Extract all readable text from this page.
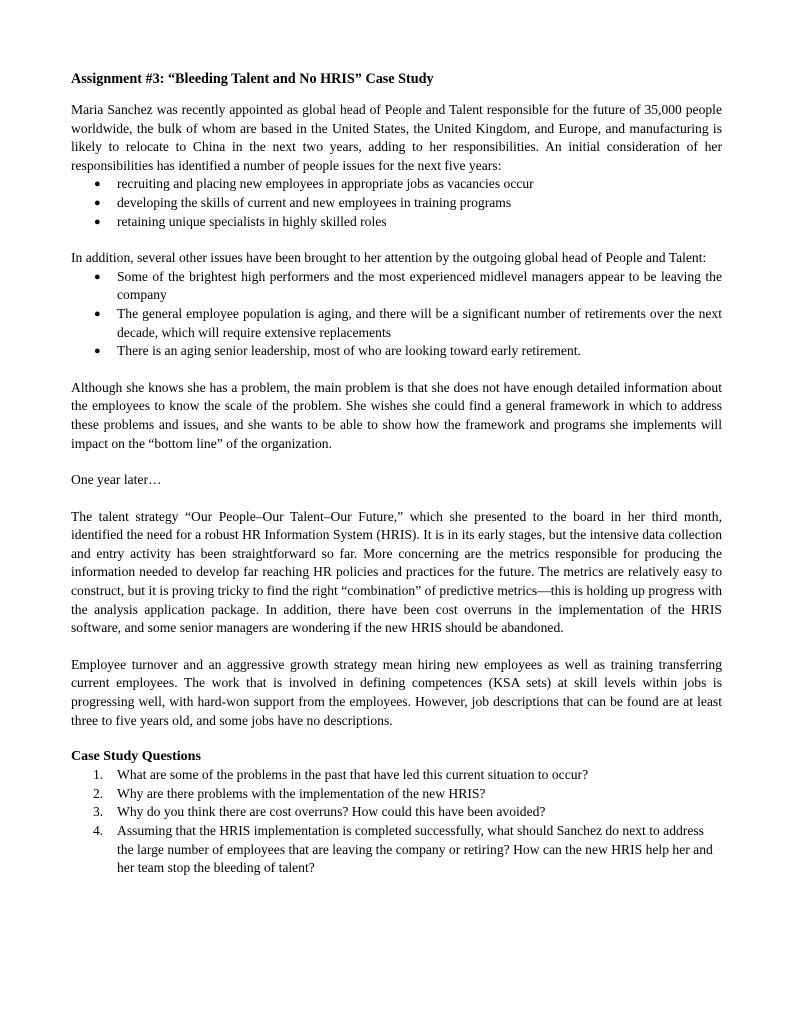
Assignment #3: “Bleeding Talent and No HRIS” Case Study

Maria Sanchez was recently appointed as global head of People and Talent responsible for the future of 35,000 people worldwide, the bulk of whom are based in the United States, the United Kingdom, and Europe, and manufacturing is likely to relocate to China in the next two years, adding to her responsibilities. An initial consideration of her responsibilities has identified a number of people issues for the next five years:

● recruiting and placing new employees in appropriate jobs as vacancies occur
● developing the skills of current and new employees in training programs
● retaining unique specialists in highly skilled roles

In addition, several other issues have been brought to her attention by the outgoing global head of People and Talent:

● Some of the brightest high performers and the most experienced midlevel managers appear to be leaving the company
● The general employee population is aging, and there will be a significant number of retirements over the next decade, which will require extensive replacements
● There is an aging senior leadership, most of who are looking toward early retirement.

Although she knows she has a problem, the main problem is that she does not have enough detailed information about the employees to know the scale of the problem. She wishes she could find a general framework in which to address these problems and issues, and she wants to be able to show how the framework and programs she implements will impact on the “bottom line” of the organization.

One year later…

The talent strategy “Our People–Our Talent–Our Future,” which she presented to the board in her third month, identified the need for a robust HR Information System (HRIS). It is in its early stages, but the intensive data collection and entry activity has been straightforward so far. More concerning are the metrics responsible for producing the information needed to develop far reaching HR policies and practices for the future. The metrics are relatively easy to construct, but it is proving tricky to find the right “combination” of predictive metrics—this is holding up progress with the analysis application package. In addition, there have been cost overruns in the implementation of the HRIS software, and some senior managers are wondering if the new HRIS should be abandoned.

Employee turnover and an aggressive growth strategy mean hiring new employees as well as training transferring current employees. The work that is involved in defining competences (KSA sets) at skill levels within jobs is progressing well, with hard-won support from the employees. However, job descriptions that can be found are at least three to five years old, and some jobs have no descriptions.

Case Study Questions
1. What are some of the problems in the past that have led this current situation to occur?
2. Why are there problems with the implementation of the new HRIS?
3. Why do you think there are cost overruns? How could this have been avoided?
4. Assuming that the HRIS implementation is completed successfully, what should Sanchez do next to address the large number of employees that are leaving the company or retiring? How can the new HRIS help her and her team stop the bleeding of talent?
